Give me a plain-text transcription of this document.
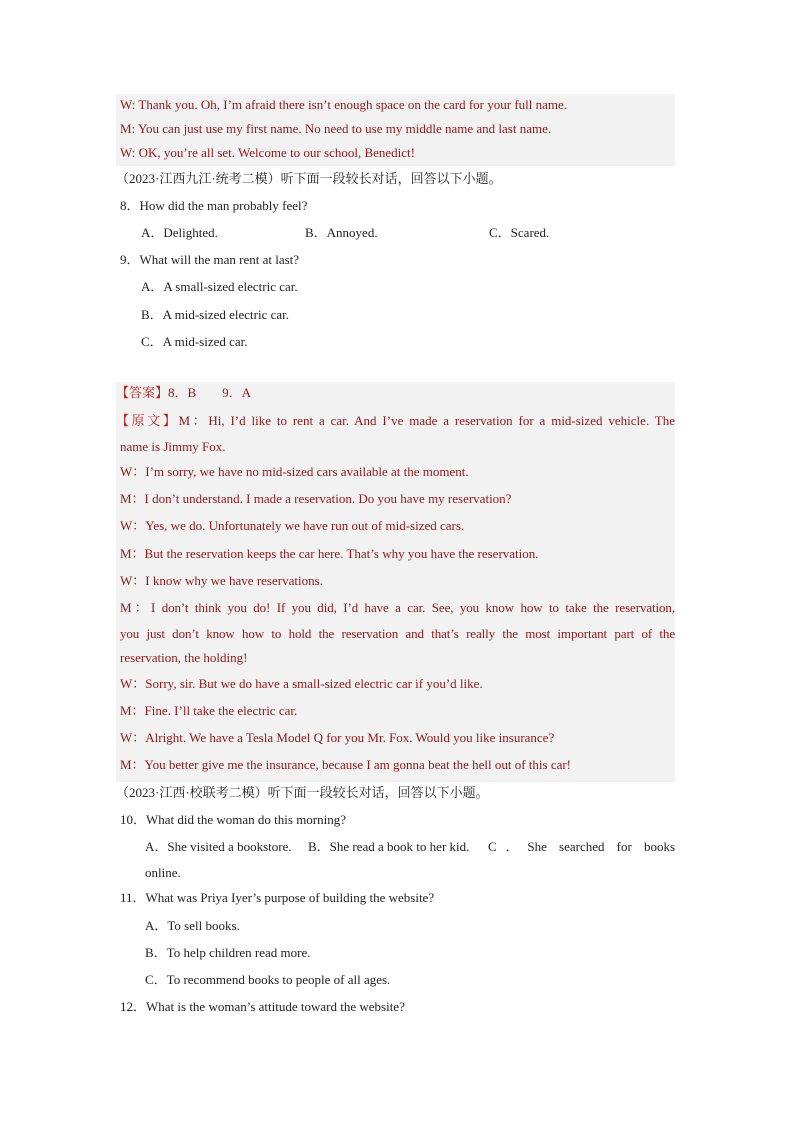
W: Thank you. Oh, I’m afraid there isn’t enough space on the card for your full name.
M: You can just use my first name. No need to use my middle name and last name.
W: OK, you’re all set. Welcome to our school, Benedict!
（2023·江西九江·统考二模）听下面一段较长对话，回答以下小题。
8．How did the man probably feel?
A．Delighted.	B．Annoyed.	C．Scared.
9．What will the man rent at last?
A．A small-sized electric car.
B．A mid-sized electric car.
C．A mid-sized car.
【答案】8．B　　9．A
【原文】M：Hi, I’d like to rent a car. And I’ve made a reservation for a mid-sized vehicle. The
name is Jimmy Fox.
W：I’m sorry, we have no mid-sized cars available at the moment.
M：I don’t understand. I made a reservation. Do you have my reservation?
W：Yes, we do. Unfortunately we have run out of mid-sized cars.
M：But the reservation keeps the car here. That’s why you have the reservation.
W：I know why we have reservations.
M：I don’t think you do! If you did, I’d have a car. See, you know how to take the reservation,
you just don’t know how to hold the reservation and that’s really the most important part of the
reservation, the holding!
W：Sorry, sir. But we do have a small-sized electric car if you’d like.
M：Fine. I’ll take the electric car.
W：Alright. We have a Tesla Model Q for you Mr. Fox. Would you like insurance?
M：You better give me the insurance, because I am gonna beat the hell out of this car!
（2023·江西·校联考二模）听下面一段较长对话，回答以下小题。
10．What did the woman do this morning?
A．She visited a bookstore. B．She read a book to her kid. C．She searched for books
online.
11．What was Priya Iyer’s purpose of building the website?
A．To sell books.
B．To help children read more.
C．To recommend books to people of all ages.
12．What is the woman’s attitude toward the website?
